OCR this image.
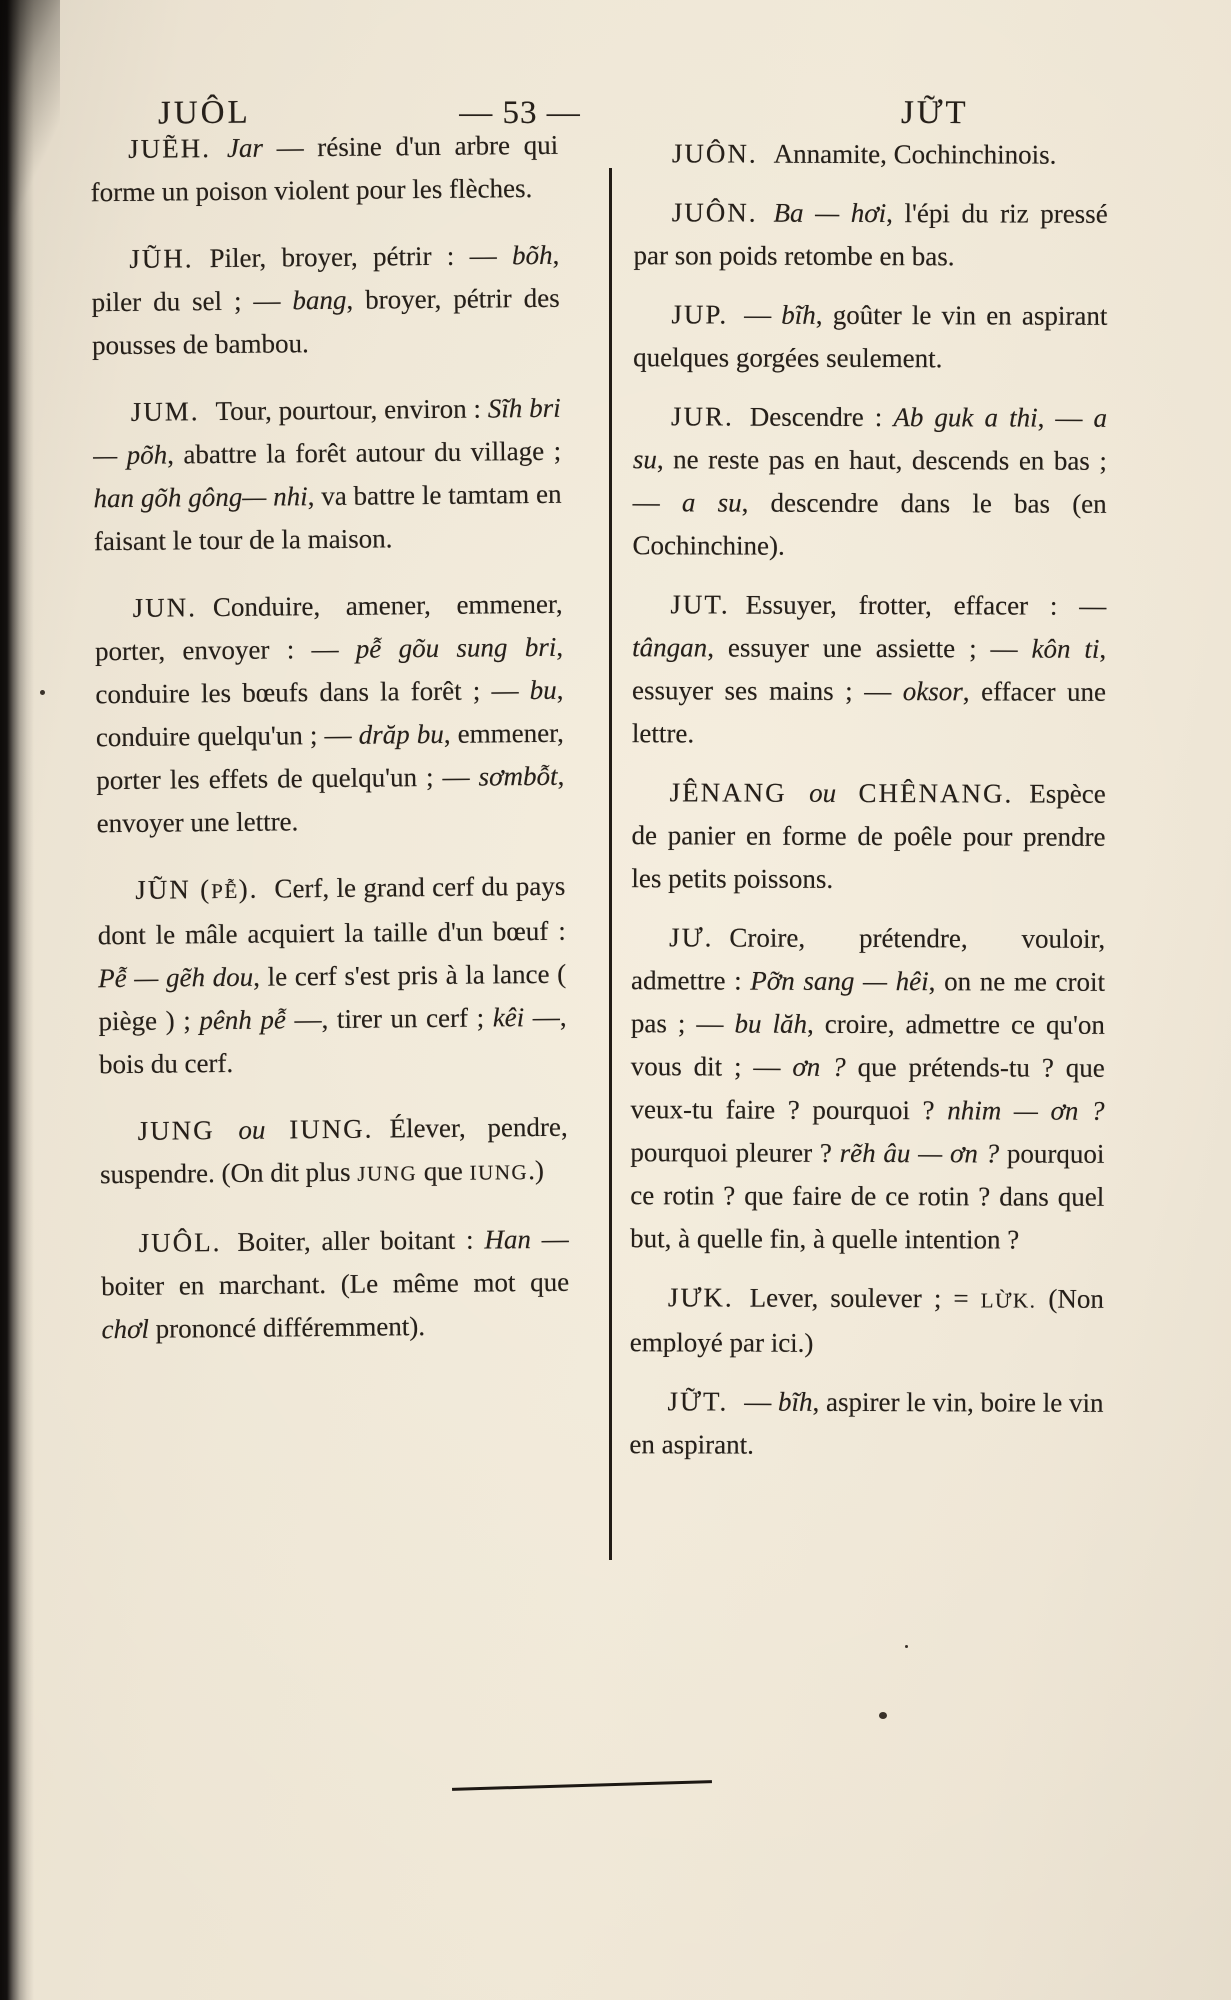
JUÔL	— 53 —	JỮT

JUẼH. Jar — résine d'un arbre qui forme un poison violent pour les flèches.

JŨH. Piler, broyer, pétrir : — bõh, piler du sel ; — bang, broyer, pétrir des pousses de bambou.

JUM. Tour, pourtour, environ : Sĩh bri — põh, abattre la forêt autour du village ; han gõh gông— nhi, va battre le tamtam en faisant le tour de la maison.

JUN. Conduire, amener, emmener, porter, envoyer : — pễ gõu sung bri, conduire les bœufs dans la forêt ; — bu, conduire quelqu'un ; — drăp bu, emmener, porter les effets de quelqu'un ; — sơmbỗt, envoyer une lettre.

JŨN (PỄ). Cerf, le grand cerf du pays dont le mâle acquiert la taille d'un bœuf : Pễ — gẽh dou, le cerf s'est pris à la lance ( piège ) ; pênh pễ —, tirer un cerf ; kêi —, bois du cerf.

JUNG ou IUNG. Élever, pendre, suspendre. (On dit plus JUNG que IUNG.)

JUÔL. Boiter, aller boitant : Han — boiter en marchant. (Le même mot que chơl prononcé différemment).

JUÔN. Annamite, Cochinchinois.

JUÔN. Ba — hơi, l'épi du riz pressé par son poids retombe en bas.

JUP. — bĩh, goûter le vin en aspirant quelques gorgées seulement.

JUR. Descendre : Ab guk a thi, — a su, ne reste pas en haut, descends en bas ; — a su, descendre dans le bas (en Cochinchine).

JUT. Essuyer, frotter, effacer : — tângan, essuyer une assiette ; — kôn ti, essuyer ses mains ; — oksor, effacer une lettre.

JÊNANG ou CHÊNANG. Espèce de panier en forme de poêle pour prendre les petits poissons.

JƯ. Croire, prétendre, vouloir, admettre : Pỡn sang — hêi, on ne me croit pas ; — bu lăh, croire, admettre ce qu'on vous dit ; — ơn ? que prétends-tu ? que veux-tu faire ? pourquoi ? nhim — ơn ? pourquoi pleurer ? rẽh âu — ơn ? pourquoi ce rotin ? que faire de ce rotin ? dans quel but, à quelle fin, à quelle intention ?

JƯK. Lever, soulever ; = LỪK. (Non employé par ici.)

JỮT. — bĩh, aspirer le vin, boire le vin en aspirant.
